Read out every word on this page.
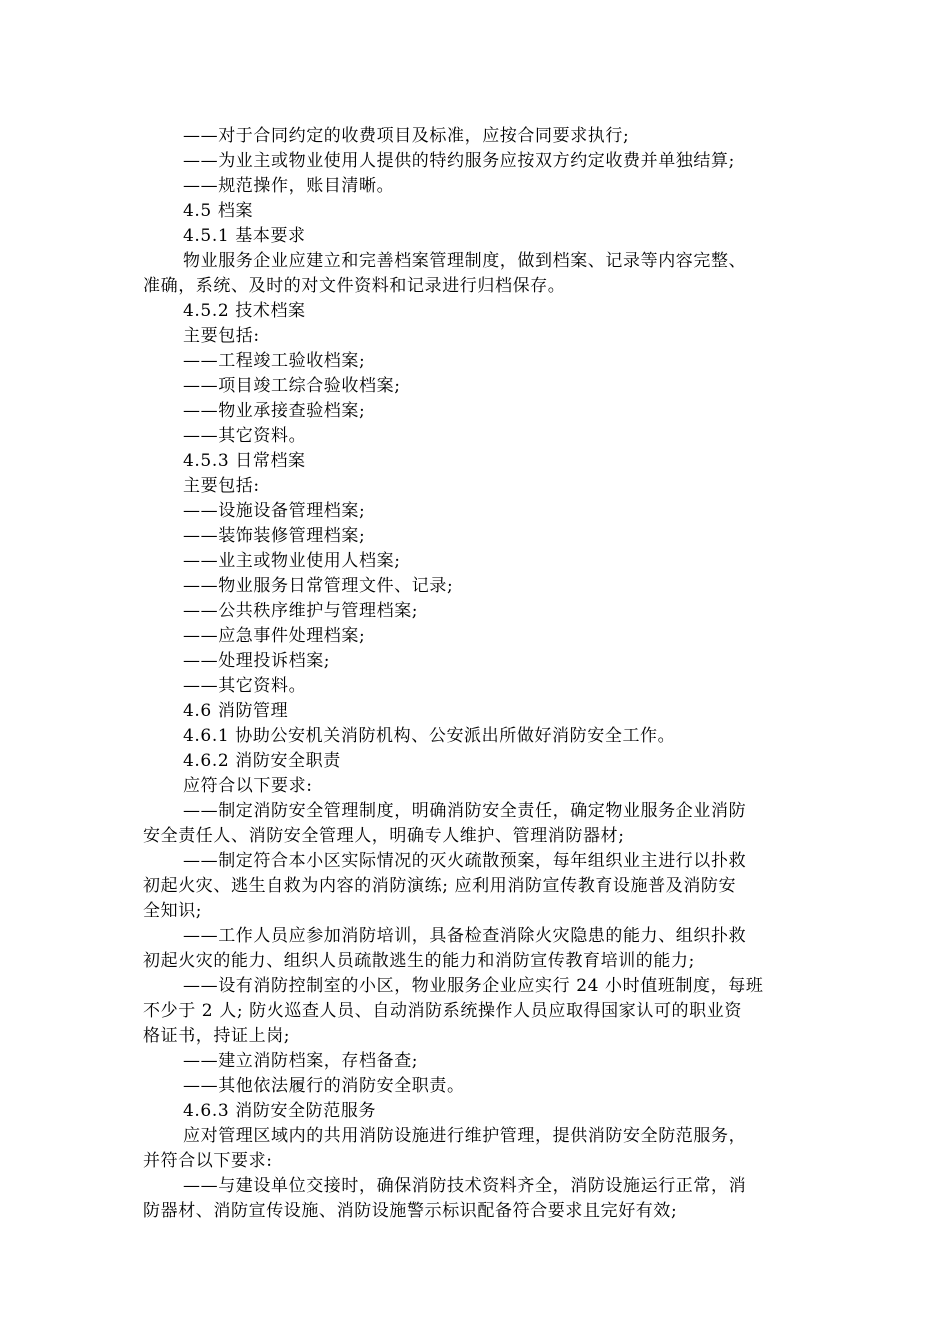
——对于合同约定的收费项目及标准，应按合同要求执行;
——为业主或物业使用人提供的特约服务应按双方约定收费并单独结算;
——规范操作，账目清晰。
4.5 档案
4.5.1 基本要求
物业服务企业应建立和完善档案管理制度，做到档案、记录等内容完整、
准确，系统、及时的对文件资料和记录进行归档保存。
4.5.2 技术档案
主要包括:
——工程竣工验收档案;
——项目竣工综合验收档案;
——物业承接查验档案;
——其它资料。
4.5.3 日常档案
主要包括:
——设施设备管理档案;
——装饰装修管理档案;
——业主或物业使用人档案;
——物业服务日常管理文件、记录;
——公共秩序维护与管理档案;
——应急事件处理档案;
——处理投诉档案;
——其它资料。
4.6 消防管理
4.6.1 协助公安机关消防机构、公安派出所做好消防安全工作。
4.6.2 消防安全职责
应符合以下要求:
——制定消防安全管理制度，明确消防安全责任，确定物业服务企业消防
安全责任人、消防安全管理人，明确专人维护、管理消防器材;
——制定符合本小区实际情况的灭火疏散预案，每年组织业主进行以扑救
初起火灾、逃生自救为内容的消防演练; 应利用消防宣传教育设施普及消防安
全知识;
——工作人员应参加消防培训，具备检查消除火灾隐患的能力、组织扑救
初起火灾的能力、组织人员疏散逃生的能力和消防宣传教育培训的能力;
——设有消防控制室的小区，物业服务企业应实行 24 小时值班制度，每班
不少于 2 人; 防火巡查人员、自动消防系统操作人员应取得国家认可的职业资
格证书，持证上岗;
——建立消防档案，存档备查;
——其他依法履行的消防安全职责。
4.6.3 消防安全防范服务
应对管理区域内的共用消防设施进行维护管理，提供消防安全防范服务，
并符合以下要求:
——与建设单位交接时，确保消防技术资料齐全，消防设施运行正常，消
防器材、消防宣传设施、消防设施警示标识配备符合要求且完好有效;
